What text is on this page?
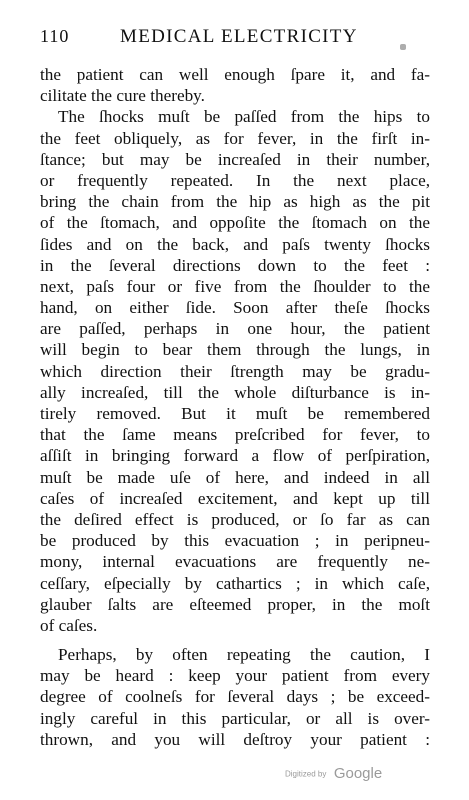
110	MEDICAL ELECTRICITY
the patient can well enough ſpare it, and fa-
cilitate the cure thereby.
The ſhocks muſt be paſſed from the hips to
the feet obliquely, as for fever, in the firſt in-
ſtance; but may be increaſed in their number,
or frequently repeated. In the next place,
bring the chain from the hip as high as the pit
of the ſtomach, and oppoſite the ſtomach on the
ſides and on the back, and paſs twenty ſhocks
in the ſeveral directions down to the feet :
next, paſs four or five from the ſhoulder to the
hand, on either ſide. Soon after theſe ſhocks
are paſſed, perhaps in one hour, the patient
will begin to bear them through the lungs, in
which direction their ſtrength may be gradu-
ally increaſed, till the whole diſturbance is in-
tirely removed. But it muſt be remembered
that the ſame means preſcribed for fever, to
aſſiſt in bringing forward a flow of perſpiration,
muſt be made uſe of here, and indeed in all
caſes of increaſed excitement, and kept up till
the deſired effect is produced, or ſo far as can
be produced by this evacuation ; in peripneu-
mony, internal evacuations are frequently ne-
ceſſary, eſpecially by cathartics ; in which caſe,
glauber ſalts are eſteemed proper, in the moſt
of caſes.
Perhaps, by often repeating the caution, I
may be heard : keep your patient from every
degree of coolneſs for ſeveral days ; be exceed-
ingly careful in this particular, or all is over-
thrown, and you will deſtroy your patient :
Digitized by Google
